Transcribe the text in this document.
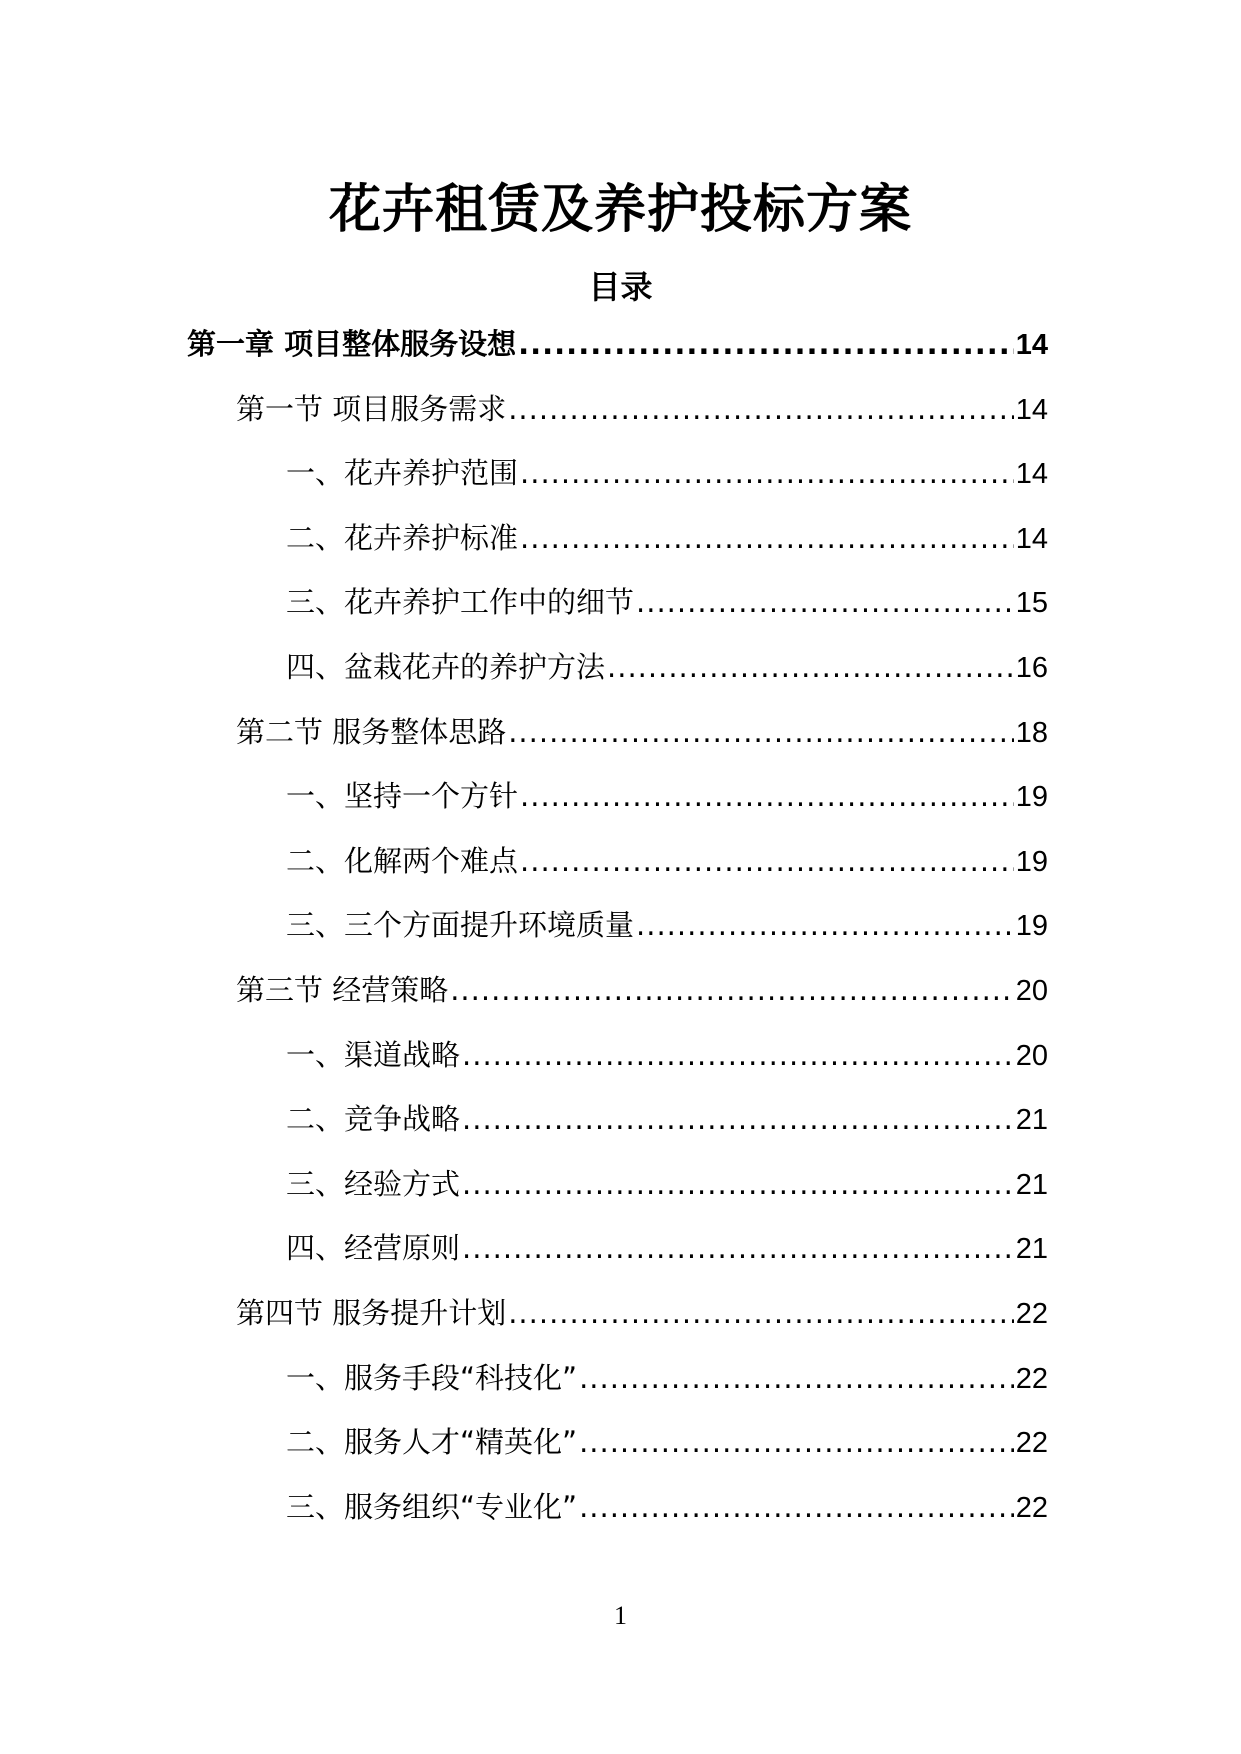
花卉租赁及养护投标方案
目录
第一章 项目整体服务设想 .....	14
第一节 项目服务需求 .....	14
一、花卉养护范围 .....	14
二、花卉养护标准 .....	14
三、花卉养护工作中的细节 .....	15
四、盆栽花卉的养护方法 .....	16
第二节 服务整体思路 .....	18
一、坚持一个方针 .....	19
二、化解两个难点 .....	19
三、三个方面提升环境质量 .....	19
第三节 经营策略 .....	20
一、渠道战略 .....	20
二、竞争战略 .....	21
三、经验方式 .....	21
四、经营原则 .....	21
第四节 服务提升计划 .....	22
一、服务手段“科技化” .....	22
二、服务人才“精英化” .....	22
三、服务组织“专业化” .....	22
1
